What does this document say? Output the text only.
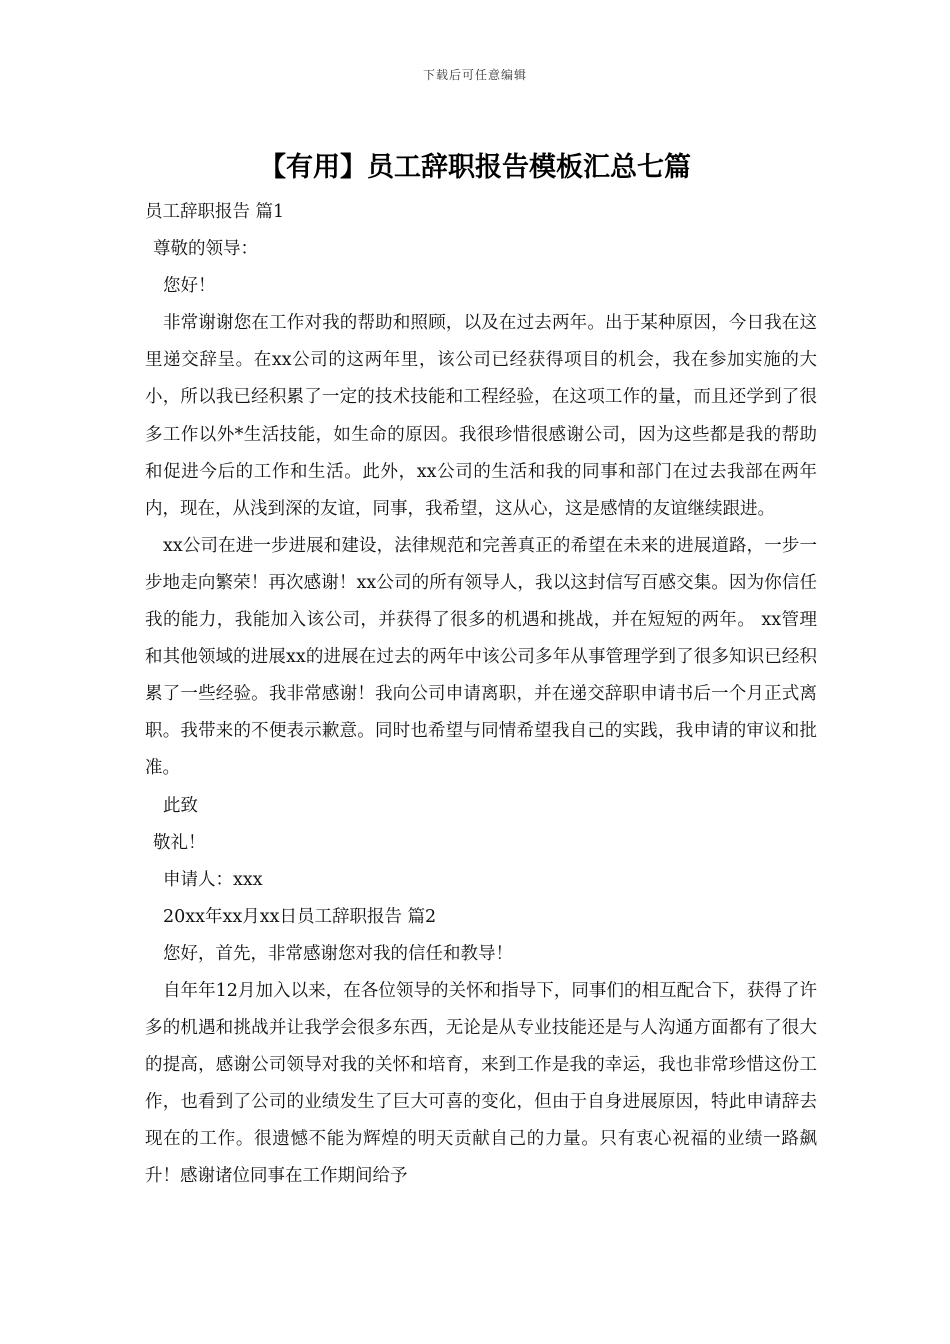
下载后可任意编辑
【有用】员工辞职报告模板汇总七篇
员工辞职报告 篇1
尊敬的领导：
您好！
非常谢谢您在工作对我的帮助和照顾，以及在过去两年。出于某种原因，今日我在这里递交辞呈。在xx公司的这两年里，该公司已经获得项目的机会，我在参加实施的大小，所以我已经积累了一定的技术技能和工程经验，在这项工作的量，而且还学到了很多工作以外*生活技能，如生命的原因。我很珍惜很感谢公司，因为这些都是我的帮助和促进今后的工作和生活。此外，xx公司的生活和我的同事和部门在过去我部在两年内，现在，从浅到深的友谊，同事，我希望，这从心，这是感情的友谊继续跟进。
xx公司在进一步进展和建设，法律规范和完善真正的希望在未来的进展道路，一步一步地走向繁荣！再次感谢！xx公司的所有领导人，我以这封信写百感交集。因为你信任我的能力，我能加入该公司，并获得了很多的机遇和挑战，并在短短的两年。 xx管理和其他领域的进展xx的进展在过去的两年中该公司多年从事管理学到了很多知识已经积累了一些经验。我非常感谢！我向公司申请离职，并在递交辞职申请书后一个月正式离职。我带来的不便表示歉意。同时也希望与同情希望我自己的实践，我申请的审议和批准。
此致
敬礼！
申请人：xxx
20xx年xx月xx日员工辞职报告 篇2
您好，首先，非常感谢您对我的信任和教导！
自年年12月加入以来，在各位领导的关怀和指导下，同事们的相互配合下，获得了许多的机遇和挑战并让我学会很多东西，无论是从专业技能还是与人沟通方面都有了很大的提高，感谢公司领导对我的关怀和培育，来到工作是我的幸运，我也非常珍惜这份工作，也看到了公司的业绩发生了巨大可喜的变化，但由于自身进展原因，特此申请辞去现在的工作。很遗憾不能为辉煌的明天贡献自己的力量。只有衷心祝福的业绩一路飙升！感谢诸位同事在工作期间给予
